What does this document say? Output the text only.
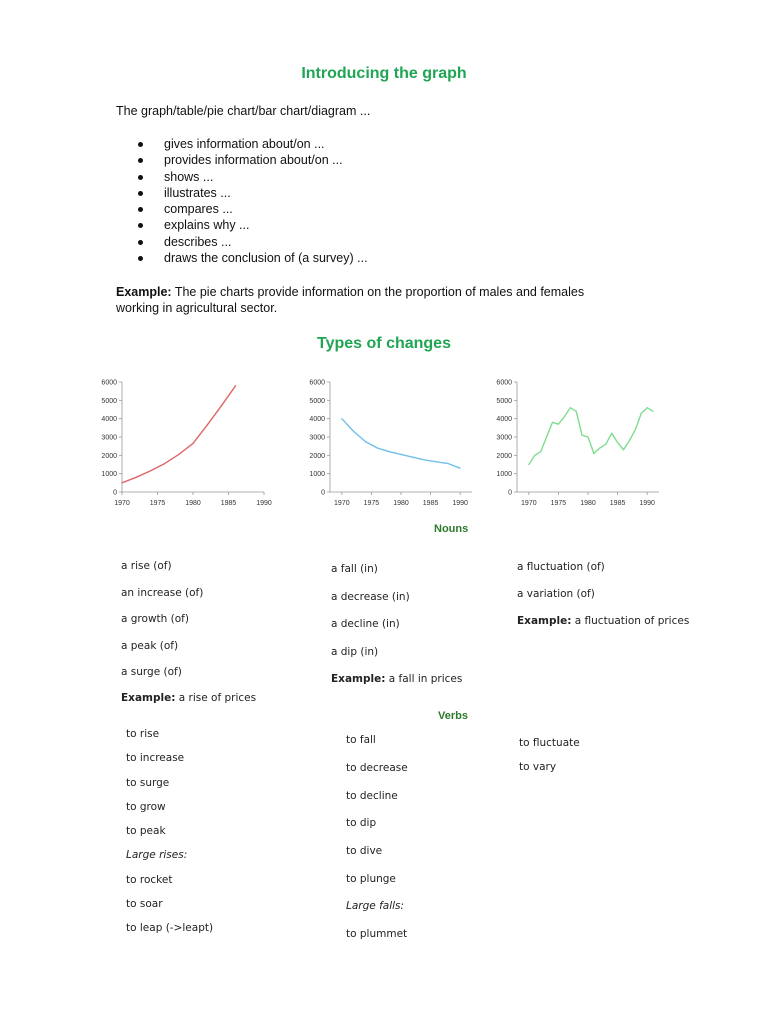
Introducing the graph
The graph/table/pie chart/bar chart/diagram ...
gives information about/on ...
provides information about/on ...
shows ...
illustrates ...
compares ...
explains why ...
describes ...
draws the conclusion of (a survey) ...
Example: The pie charts provide information on the proportion of males and females
working in agricultural sector.
Types of changes
0
1000
2000
3000
4000
5000
6000
1970	1975	1980	1985	1990
0
1000
2000
3000
4000
5000
6000
1970 1975 1980 1985 1990
0
1000
2000
3000
4000
5000
6000
1970 1975 1980 1985 1990
Nouns
a rise (of)
an increase (of)
a growth (of)
a peak (of)
a surge (of)
Example: a rise of prices
a fall (in)
a decrease (in)
a decline (in)
a dip (in)
Example: a fall in prices
a fluctuation (of)
a variation (of)
Example: a fluctuation of prices
Verbs
to rise
to increase
to surge
to grow
to peak
Large rises:
to rocket
to soar
to leap (->leapt)
to fall
to decrease
to decline
to dip
to dive
to plunge
Large falls:
to plummet
to fluctuate
to vary
